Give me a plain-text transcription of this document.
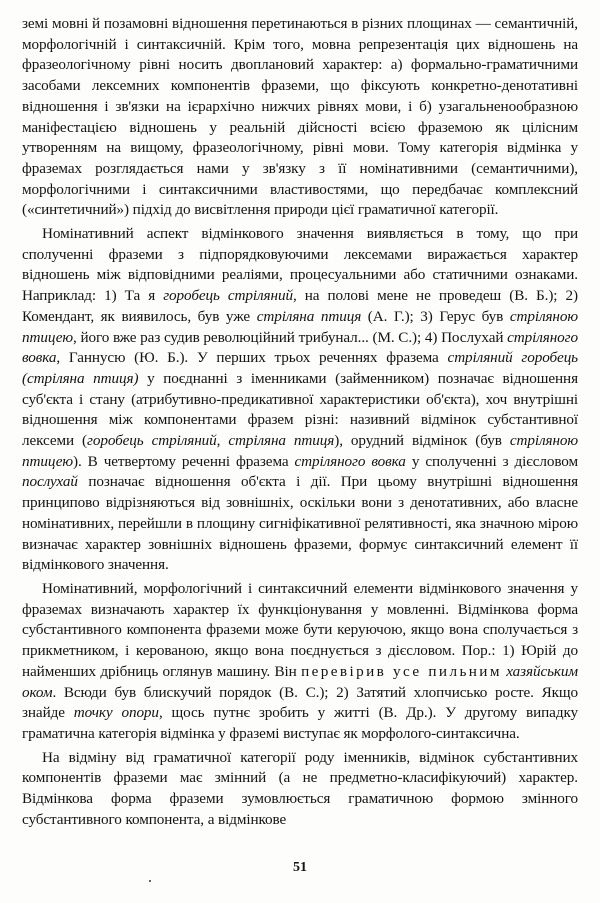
земі мовні й позамовні відношення перетинаються в різних площинах — семантичній, морфологічній і синтаксичній. Крім того, мовна репрезентація цих відношень на фразеологічному рівні носить двоплановий характер: а) формально-граматичними засобами лексемних компонентів фраземи, що фіксують конкретно-денотативні відношення і зв'язки на ієрархічно нижчих рівнях мови, і б) узагальненообразною маніфестацією відношень у реальній дійсності всією фраземою як цілісним утворенням на вищому, фразеологічному, рівні мови. Тому категорія відмінка у фраземах розглядається нами у зв'язку з її номінативними (семантичними), морфологічними і синтаксичними властивостями, що передбачає комплексний («синтетичний») підхід до висвітлення природи цієї граматичної категорії.

Номінативний аспект відмінкового значення виявляється в тому, що при сполученні фраземи з підпорядковуючими лексемами виражається характер відношень між відповідними реаліями, процесуальними або статичними ознаками. Наприклад: 1) Та я горобець стріляний, на полові мене не проведеш (В. Б.); 2) Комендант, як виявилось, був уже стріляна птиця (А. Г.); 3) Герус був стріляною птицею, його вже раз судив революційний трибунал... (М. С.); 4) Послухай стріляного вовка, Ганнусю (Ю. Б.). У перших трьох реченнях фразема стріляний горобець (стріляна птиця) у поєднанні з іменниками (займенником) позначає відношення суб'єкта і стану (атрибутивно-предикативної характеристики об'єкта), хоч внутрішні відношення між компонентами фразем різні: називний відмінок субстантивної лексеми (горобець стріляний, стріляна птиця), орудний відмінок (був стріляною птицею). В четвертому реченні фразема стріляного вовка у сполученні з дієсловом послухай позначає відношення об'єкта і дії. При цьому внутрішні відношення принципово відрізняються від зовнішніх, оскільки вони з денотативних, або власне номінативних, перейшли в площину сигніфікативної релятивності, яка значною мірою визначає характер зовнішніх відношень фраземи, формує синтаксичний елемент її відмінкового значення.

Номінативний, морфологічний і синтаксичний елементи відмінкового значення у фраземах визначають характер їх функціонування у мовленні. Відмінкова форма субстантивного компонента фраземи може бути керуючою, якщо вона сполучається з прикметником, і керованою, якщо вона поєднується з дієсловом. Пор.: 1) Юрій до найменших дрібниць оглянув машину. Він перевірив усе пильним хазяйським оком. Всюди був блискучий порядок (В. С.); 2) Затятий хлопчисько росте. Якщо знайде точку опори, щось путнє зробить у житті (В. Др.). У другому випадку граматична категорія відмінка у фраземі виступає як морфолого-синтаксична.

На відміну від граматичної категорії роду іменників, відмінок субстантивних компонентів фраземи має змінний (а не предметно-класифікуючий) характер. Відмінкова форма фраземи зумовлюється граматичною формою змінного субстантивного компонента, а відмінкове

51
